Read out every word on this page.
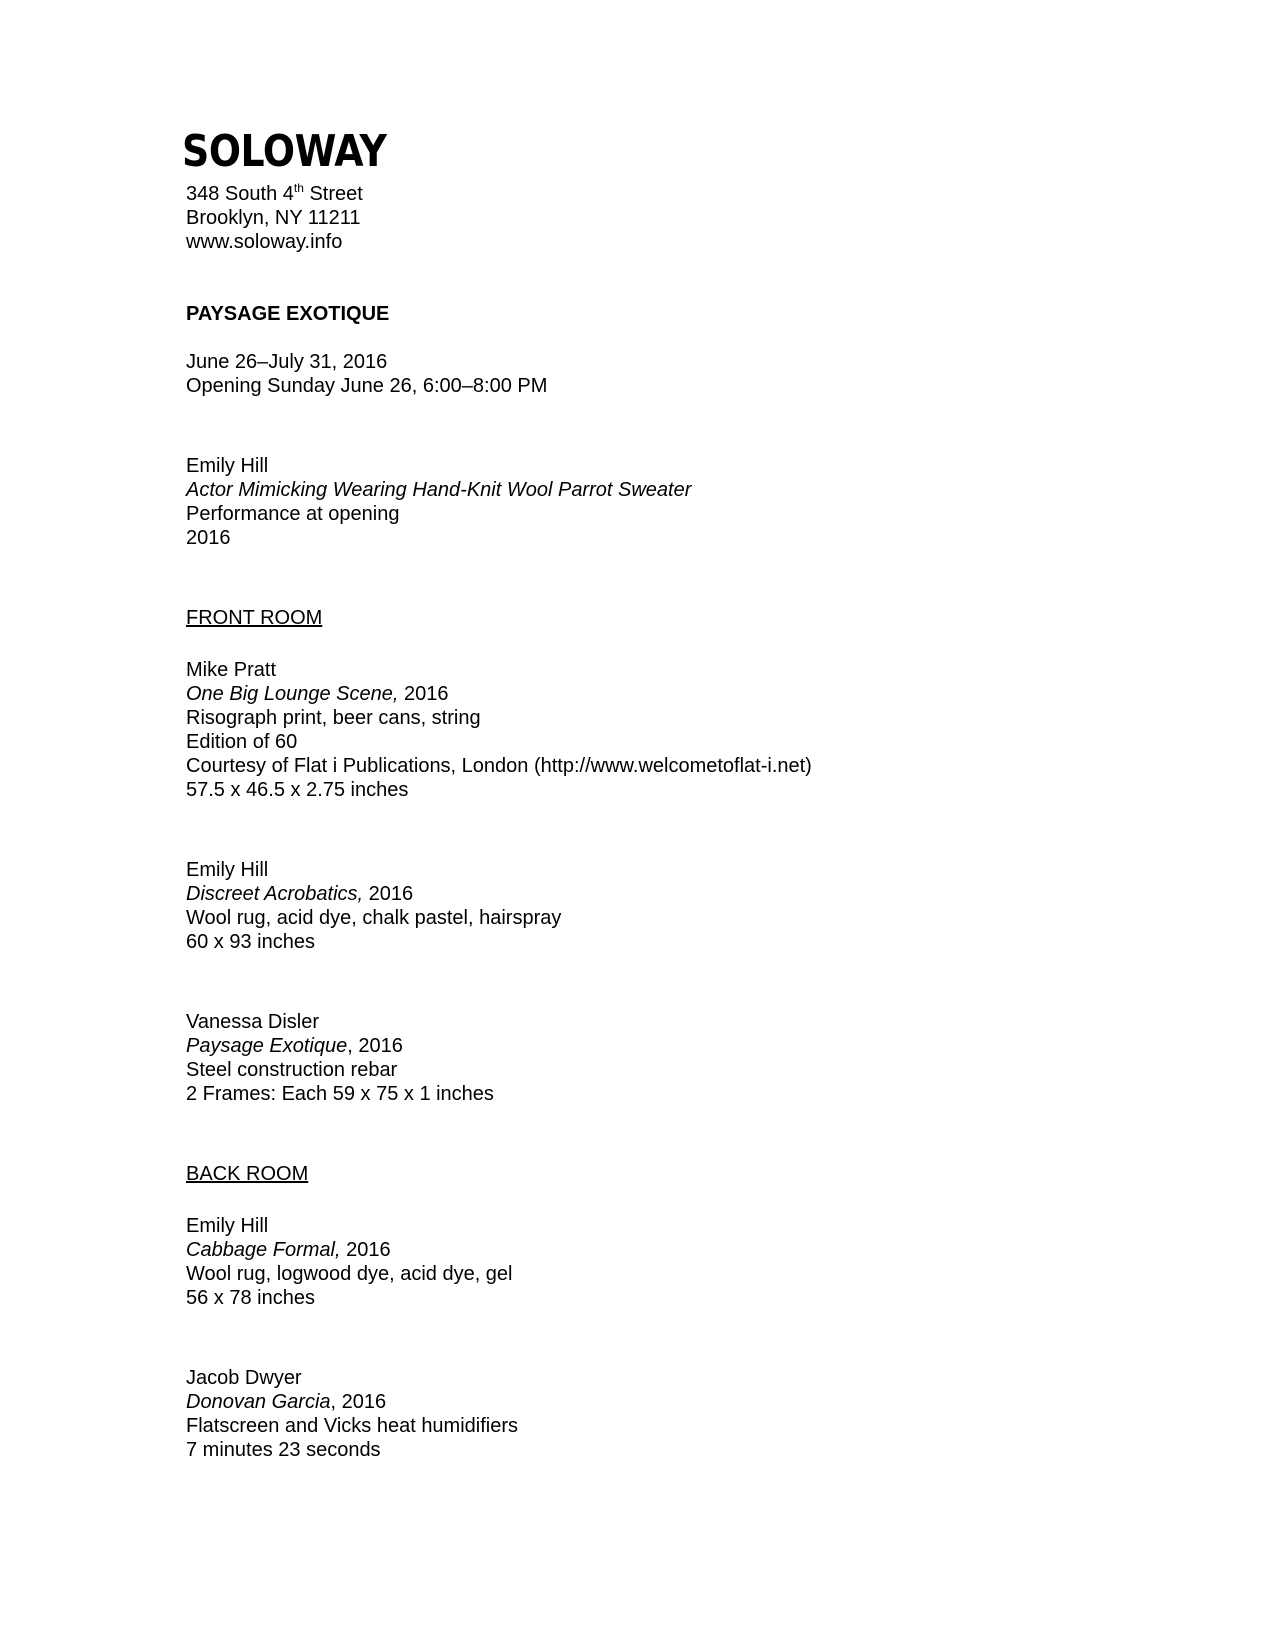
SOLOWAY
348 South 4th Street
Brooklyn, NY 11211
www.soloway.info
PAYSAGE EXOTIQUE
June 26–July 31, 2016
Opening Sunday June 26, 6:00–8:00 PM
Emily Hill
Actor Mimicking Wearing Hand-Knit Wool Parrot Sweater
Performance at opening
2016
FRONT ROOM
Mike Pratt
One Big Lounge Scene, 2016
Risograph print, beer cans, string
Edition of 60
Courtesy of Flat i Publications, London (http://www.welcometoflat-i.net)
57.5 x 46.5 x 2.75 inches
Emily Hill
Discreet Acrobatics, 2016
Wool rug, acid dye, chalk pastel, hairspray
60 x 93 inches
Vanessa Disler
Paysage Exotique, 2016
Steel construction rebar
2 Frames: Each 59 x 75 x 1 inches
BACK ROOM
Emily Hill
Cabbage Formal, 2016
Wool rug, logwood dye, acid dye, gel
56 x 78 inches
Jacob Dwyer
Donovan Garcia, 2016
Flatscreen and Vicks heat humidifiers
7 minutes 23 seconds
